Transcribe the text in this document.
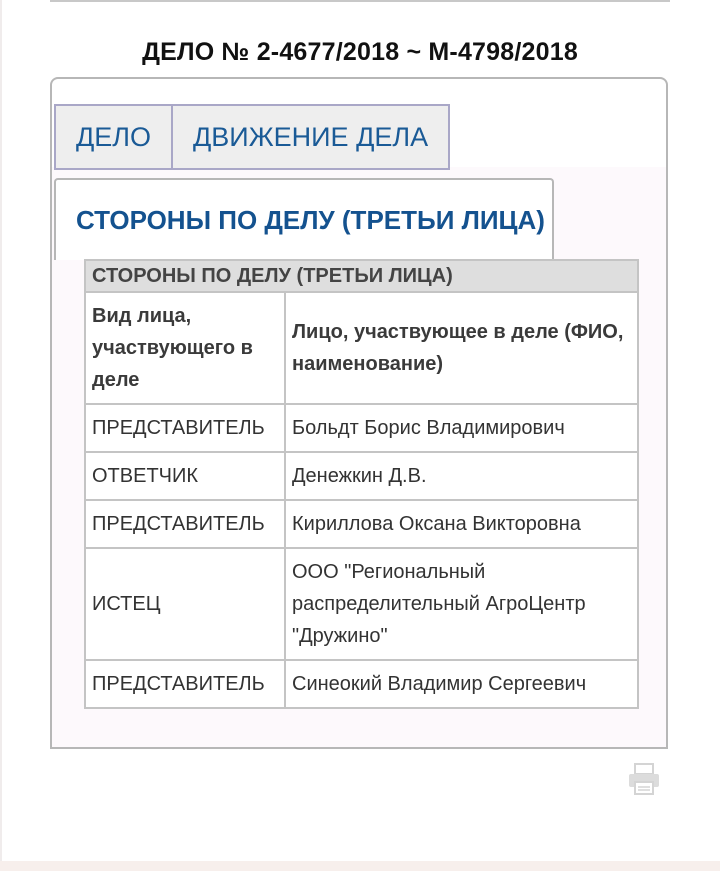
ДЕЛО № 2-4677/2018 ~ М-4798/2018
ДЕЛО	ДВИЖЕНИЕ ДЕЛА
СТОРОНЫ ПО ДЕЛУ (ТРЕТЬИ ЛИЦА)
СТОРОНЫ ПО ДЕЛУ (ТРЕТЬИ ЛИЦА)	
Вид лица, участвующего в деле	Лицо, участвующее в деле (ФИО, наименование)
ПРЕДСТАВИТЕЛЬ	Больдт Борис Владимирович
ОТВЕТЧИК	Денежкин Д.В.
ПРЕДСТАВИТЕЛЬ	Кириллова Оксана Викторовна
ИСТЕЦ	ООО "Региональный распределительный АгроЦентр "Дружино"
ПРЕДСТАВИТЕЛЬ	Синеокий Владимир Сергеевич
